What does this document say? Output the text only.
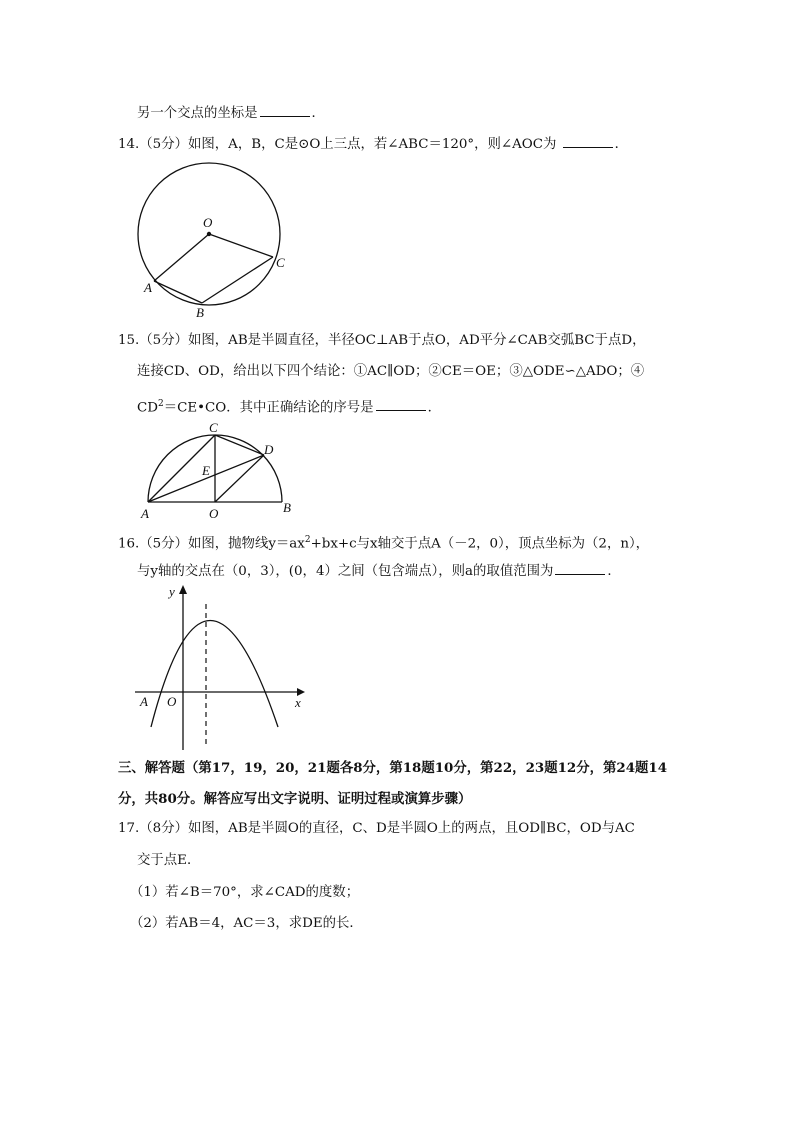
另一个交点的坐标是	．
14.（5分）如图，A，B，C是⊙O上三点，若∠ABC＝120°，则∠AOC为	．
O
A
B
C
15.（5分）如图，AB是半圆直径，半径OC⊥AB于点O，AD平分∠CAB交弧BC于点D，
连接CD、OD，给出以下四个结论：①AC∥OD；②CE＝OE；③△ODE∽△ADO；④
$CD^2=CE•CO$．其中正确结论的序号是	．
C
D
E
A	O	B
16.（5分）如图，抛物线$y=ax^2+bx+c$与x轴交于点A（－2，0），顶点坐标为（2，n），
与y轴的交点在（0，3），(0，4）之间（包含端点），则a的取值范围为	．
y
x
A O
三、解答题（第17，19，20，21题各8分，第18题10分，第22，23题12分，第24题14
分，共80分。解答应写出文字说明、证明过程或演算步骤）
17.（8分）如图，AB是半圆O的直径，C、D是半圆O上的两点，且OD∥BC，OD与AC
交于点E．
（1）若∠B＝70°，求∠CAD的度数；
（2）若AB＝4，AC＝3，求DE的长．
